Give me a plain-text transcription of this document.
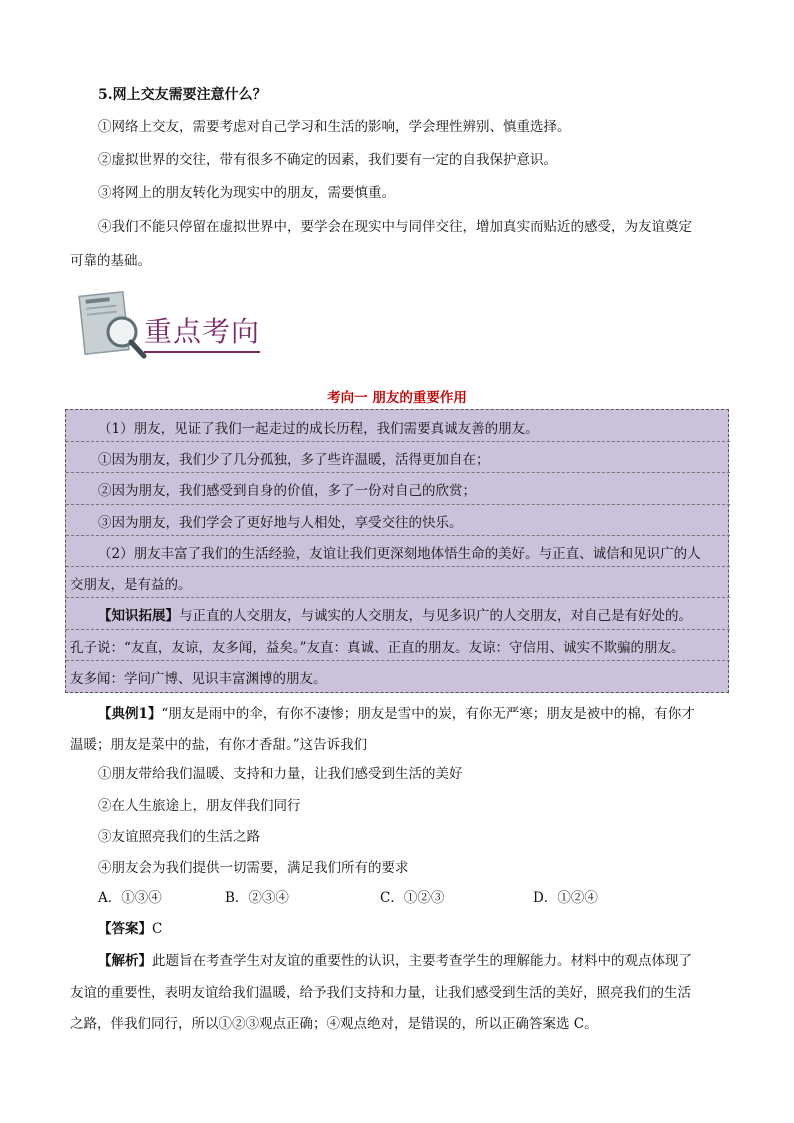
5.网上交友需要注意什么？
①网络上交友，需要考虑对自己学习和生活的影响，学会理性辨别、慎重选择。
②虚拟世界的交往，带有很多不确定的因素，我们要有一定的自我保护意识。
③将网上的朋友转化为现实中的朋友，需要慎重。
④我们不能只停留在虚拟世界中，要学会在现实中与同伴交往，增加真实而贴近的感受，为友谊奠定
可靠的基础。
重点考向
考向一 朋友的重要作用
（1）朋友，见证了我们一起走过的成长历程，我们需要真诚友善的朋友。
①因为朋友，我们少了几分孤独，多了些许温暖，活得更加自在；
②因为朋友，我们感受到自身的价值，多了一份对自己的欣赏；
③因为朋友，我们学会了更好地与人相处，享受交往的快乐。
（2）朋友丰富了我们的生活经验，友谊让我们更深刻地体悟生命的美好。与正直、诚信和见识广的人
交朋友，是有益的。
【知识拓展】与正直的人交朋友，与诚实的人交朋友，与见多识广的人交朋友，对自己是有好处的。
孔子说：“友直，友谅，友多闻，益矣。”友直：真诚、正直的朋友。友谅：守信用、诚实不欺骗的朋友。
友多闻：学问广博、见识丰富渊博的朋友。
【典例1】“朋友是雨中的伞，有你不凄惨；朋友是雪中的炭，有你无严寒；朋友是被中的棉，有你才
温暖；朋友是菜中的盐，有你才香甜。”这告诉我们
①朋友带给我们温暖、支持和力量，让我们感受到生活的美好
②在人生旅途上，朋友伴我们同行
③友谊照亮我们的生活之路
④朋友会为我们提供一切需要，满足我们所有的要求
A．①③④	B．②③④	C．①②③	D．①②④
【答案】C
【解析】此题旨在考查学生对友谊的重要性的认识，主要考查学生的理解能力。材料中的观点体现了
友谊的重要性，表明友谊给我们温暖，给予我们支持和力量，让我们感受到生活的美好，照亮我们的生活
之路，伴我们同行，所以①②③观点正确；④观点绝对，是错误的，所以正确答案选 C。
